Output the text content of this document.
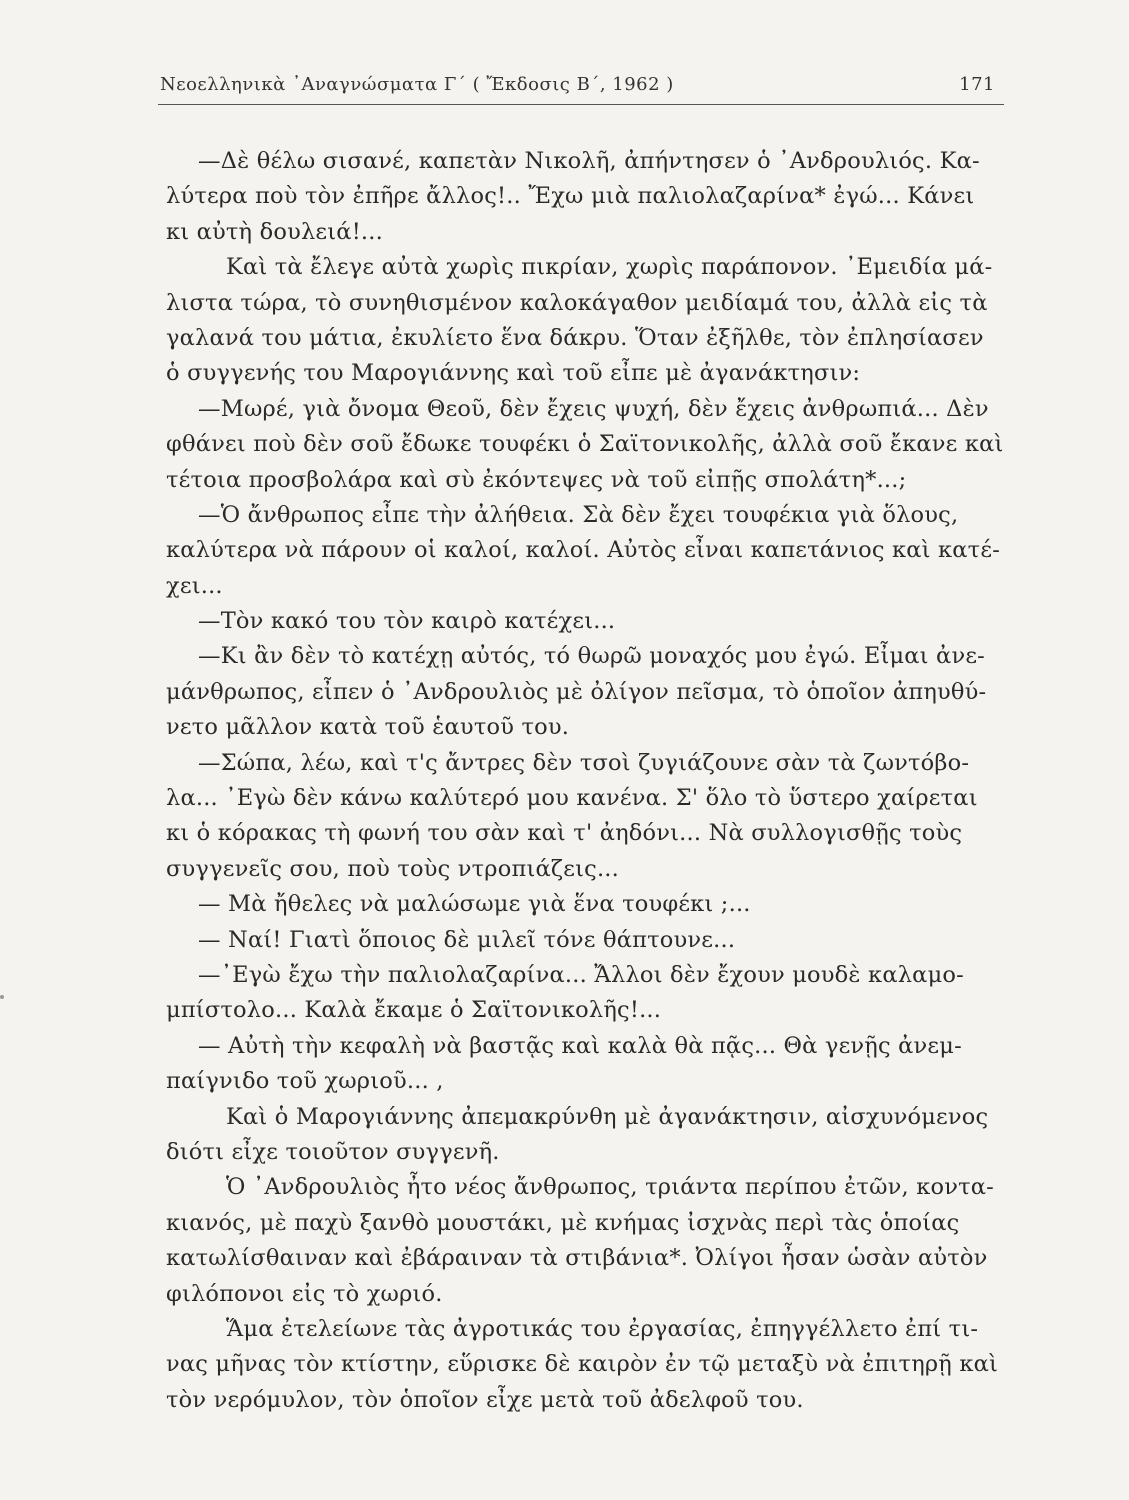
Νεοελληνικὰ ᾿Αναγνώσματα Γ΄ ( Ἔκδοσις Β΄, 1962 )	171
—Δὲ θέλω σισανέ, καπετὰν Νικολῆ, ἀπήντησεν ὁ ᾿Ανδρουλιός. Κα-
λύτερα ποὺ τὸν ἐπῆρε ἄλλος!.. Ἔχω μιὰ παλιολαζαρίνα* ἐγώ... Κάνει
κι αὐτὴ δουλειά!...
Καὶ τὰ ἔλεγε αὐτὰ χωρὶς πικρίαν, χωρὶς παράπονον. ᾿Εμειδία μά-
λιστα τώρα, τὸ συνηθισμένον καλοκάγαθον μειδίαμά του, ἀλλὰ εἰς τὰ
γαλανά του μάτια, ἐκυλίετο ἕνα δάκρυ. Ὅταν ἐξῆλθε, τὸν ἐπλησίασεν
ὁ συγγενής του Μαρογιάννης καὶ τοῦ εἶπε μὲ ἀγανάκτησιν:
—Μωρέ, γιὰ ὄνομα Θεοῦ, δὲν ἔχεις ψυχή, δὲν ἔχεις ἀνθρωπιά... Δὲν
φθάνει ποὺ δὲν σοῦ ἔδωκε τουφέκι ὁ Σαϊτονικολῆς, ἀλλὰ σοῦ ἔκανε καὶ
τέτοια προσβολάρα καὶ σὺ ἐκόντεψες νὰ τοῦ εἰπῇς σπολάτη*...;
—Ὁ ἄνθρωπος εἶπε τὴν ἀλήθεια. Σὰ δὲν ἔχει τουφέκια γιὰ ὅλους,
καλύτερα νὰ πάρουν οἱ καλοί, καλοί. Αὐτὸς εἶναι καπετάνιος καὶ κατέ-
χει...
—Τὸν κακό του τὸν καιρὸ κατέχει...
—Κι ἂν δὲν τὸ κατέχῃ αὐτός, τό θωρῶ μοναχός μου ἐγώ. Εἶμαι ἀνε-
μάνθρωπος, εἶπεν ὁ ᾿Ανδρουλιὸς μὲ ὀλίγον πεῖσμα, τὸ ὁποῖον ἀπηυθύ-
νετο μᾶλλον κατὰ τοῦ ἑαυτοῦ του.
—Σώπα, λέω, καὶ τ'ς ἄντρες δὲν τσοὶ ζυγιάζουνε σὰν τὰ ζωντόβο-
λα... ᾿Εγὼ δὲν κάνω καλύτερό μου κανένα. Σ' ὅλο τὸ ὕστερο χαίρεται
κι ὁ κόρακας τὴ φωνή του σὰν καὶ τ' ἀηδόνι... Νὰ συλλογισθῇς τοὺς
συγγενεῖς σου, ποὺ τοὺς ντροπιάζεις...
— Μὰ ἤθελες νὰ μαλώσωμε γιὰ ἕνα τουφέκι ;...
— Ναί! Γιατὶ ὅποιος δὲ μιλεῖ τόνε θάπτουνε...
—᾿Εγὼ ἔχω τὴν παλιολαζαρίνα... Ἄλλοι δὲν ἔχουν μουδὲ καλαμο-
μπίστολο... Καλὰ ἔκαμε ὁ Σαϊτονικολῆς!...
— Αὐτὴ τὴν κεφαλὴ νὰ βαστᾷς καὶ καλὰ θὰ πᾷς... Θὰ γενῇς ἀνεμ-
παίγνιδο τοῦ χωριοῦ... ,
Καὶ ὁ Μαρογιάννης ἀπεμακρύνθη μὲ ἀγανάκτησιν, αἰσχυνόμενος
διότι εἶχε τοιοῦτον συγγενῆ.
Ὁ ᾿Ανδρουλιὸς ἦτο νέος ἄνθρωπος, τριάντα περίπου ἐτῶν, κοντα-
κιανός, μὲ παχὺ ξανθὸ μουστάκι, μὲ κνήμας ἰσχνὰς περὶ τὰς ὁποίας
κατωλίσθαιναν καὶ ἐβάραιναν τὰ στιβάνια*. Ὀλίγοι ἦσαν ὡσὰν αὐτὸν
φιλόπονοι εἰς τὸ χωριό.
Ἅμα ἐτελείωνε τὰς ἀγροτικάς του ἐργασίας, ἐπηγγέλλετο ἐπί τι-
νας μῆνας τὸν κτίστην, εὕρισκε δὲ καιρὸν ἐν τῷ μεταξὺ νὰ ἐπιτηρῇ καὶ
τὸν νερόμυλον, τὸν ὁποῖον εἶχε μετὰ τοῦ ἀδελφοῦ του.
